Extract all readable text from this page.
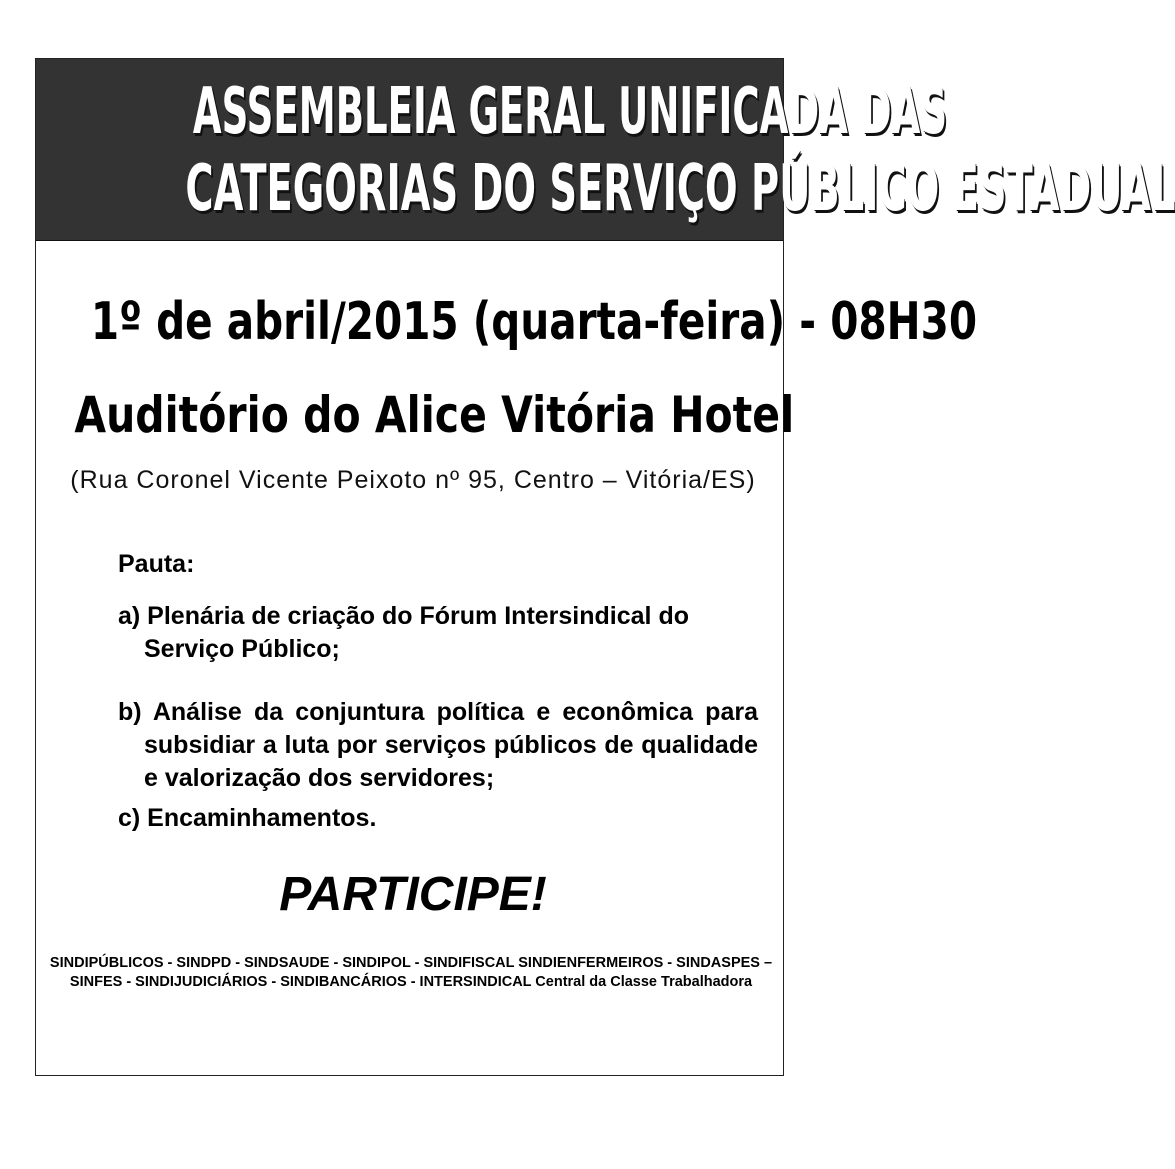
ASSEMBLEIA GERAL UNIFICADA DAS
CATEGORIAS DO SERVIÇO PÚBLICO ESTADUAL
1º de abril/2015 (quarta-feira) - 08H30
Auditório do Alice Vitória Hotel
(Rua Coronel Vicente Peixoto nº 95, Centro – Vitória/ES)
Pauta:
a) Plenária de criação do Fórum Intersindical do Serviço Público;
b) Análise da conjuntura política e econômica para subsidiar a luta por serviços públicos de qualidade e valorização dos servidores;
c) Encaminhamentos.
PARTICIPE!
SINDIPÚBLICOS - SINDPD - SINDSAUDE - SINDIPOL - SINDIFISCAL SINDIENFERMEIROS - SINDASPES – SINFES - SINDIJUDICIÁRIOS - SINDIBANCÁRIOS - INTERSINDICAL Central da Classe Trabalhadora
